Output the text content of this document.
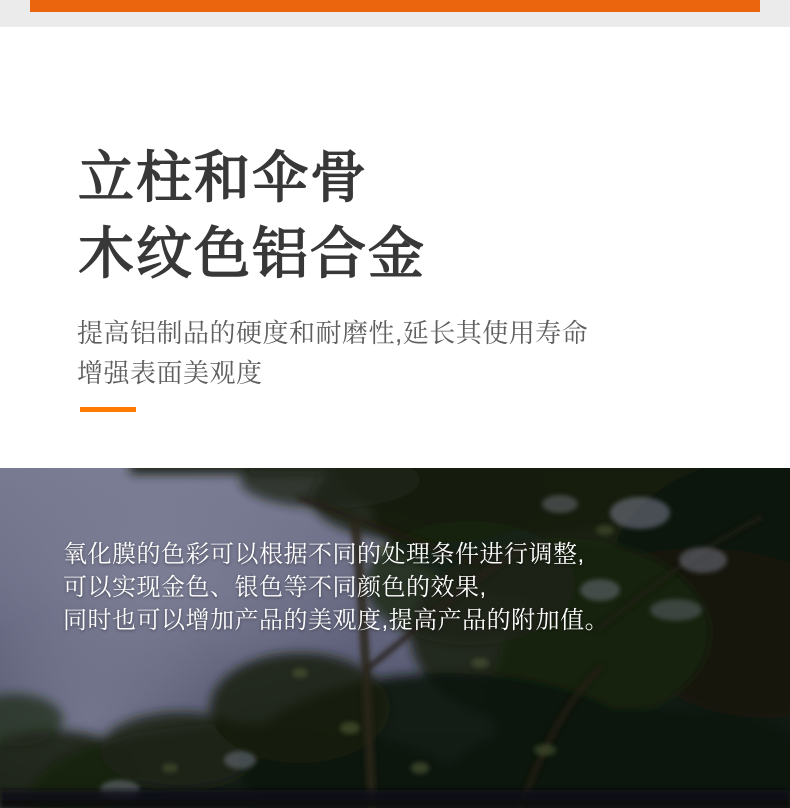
立柱和伞骨
木纹色铝合金

提高铝制品的硬度和耐磨性,延长其使用寿命
增强表面美观度

氧化膜的色彩可以根据不同的处理条件进行调整,
可以实现金色、银色等不同颜色的效果,
同时也可以增加产品的美观度,提高产品的附加值。
